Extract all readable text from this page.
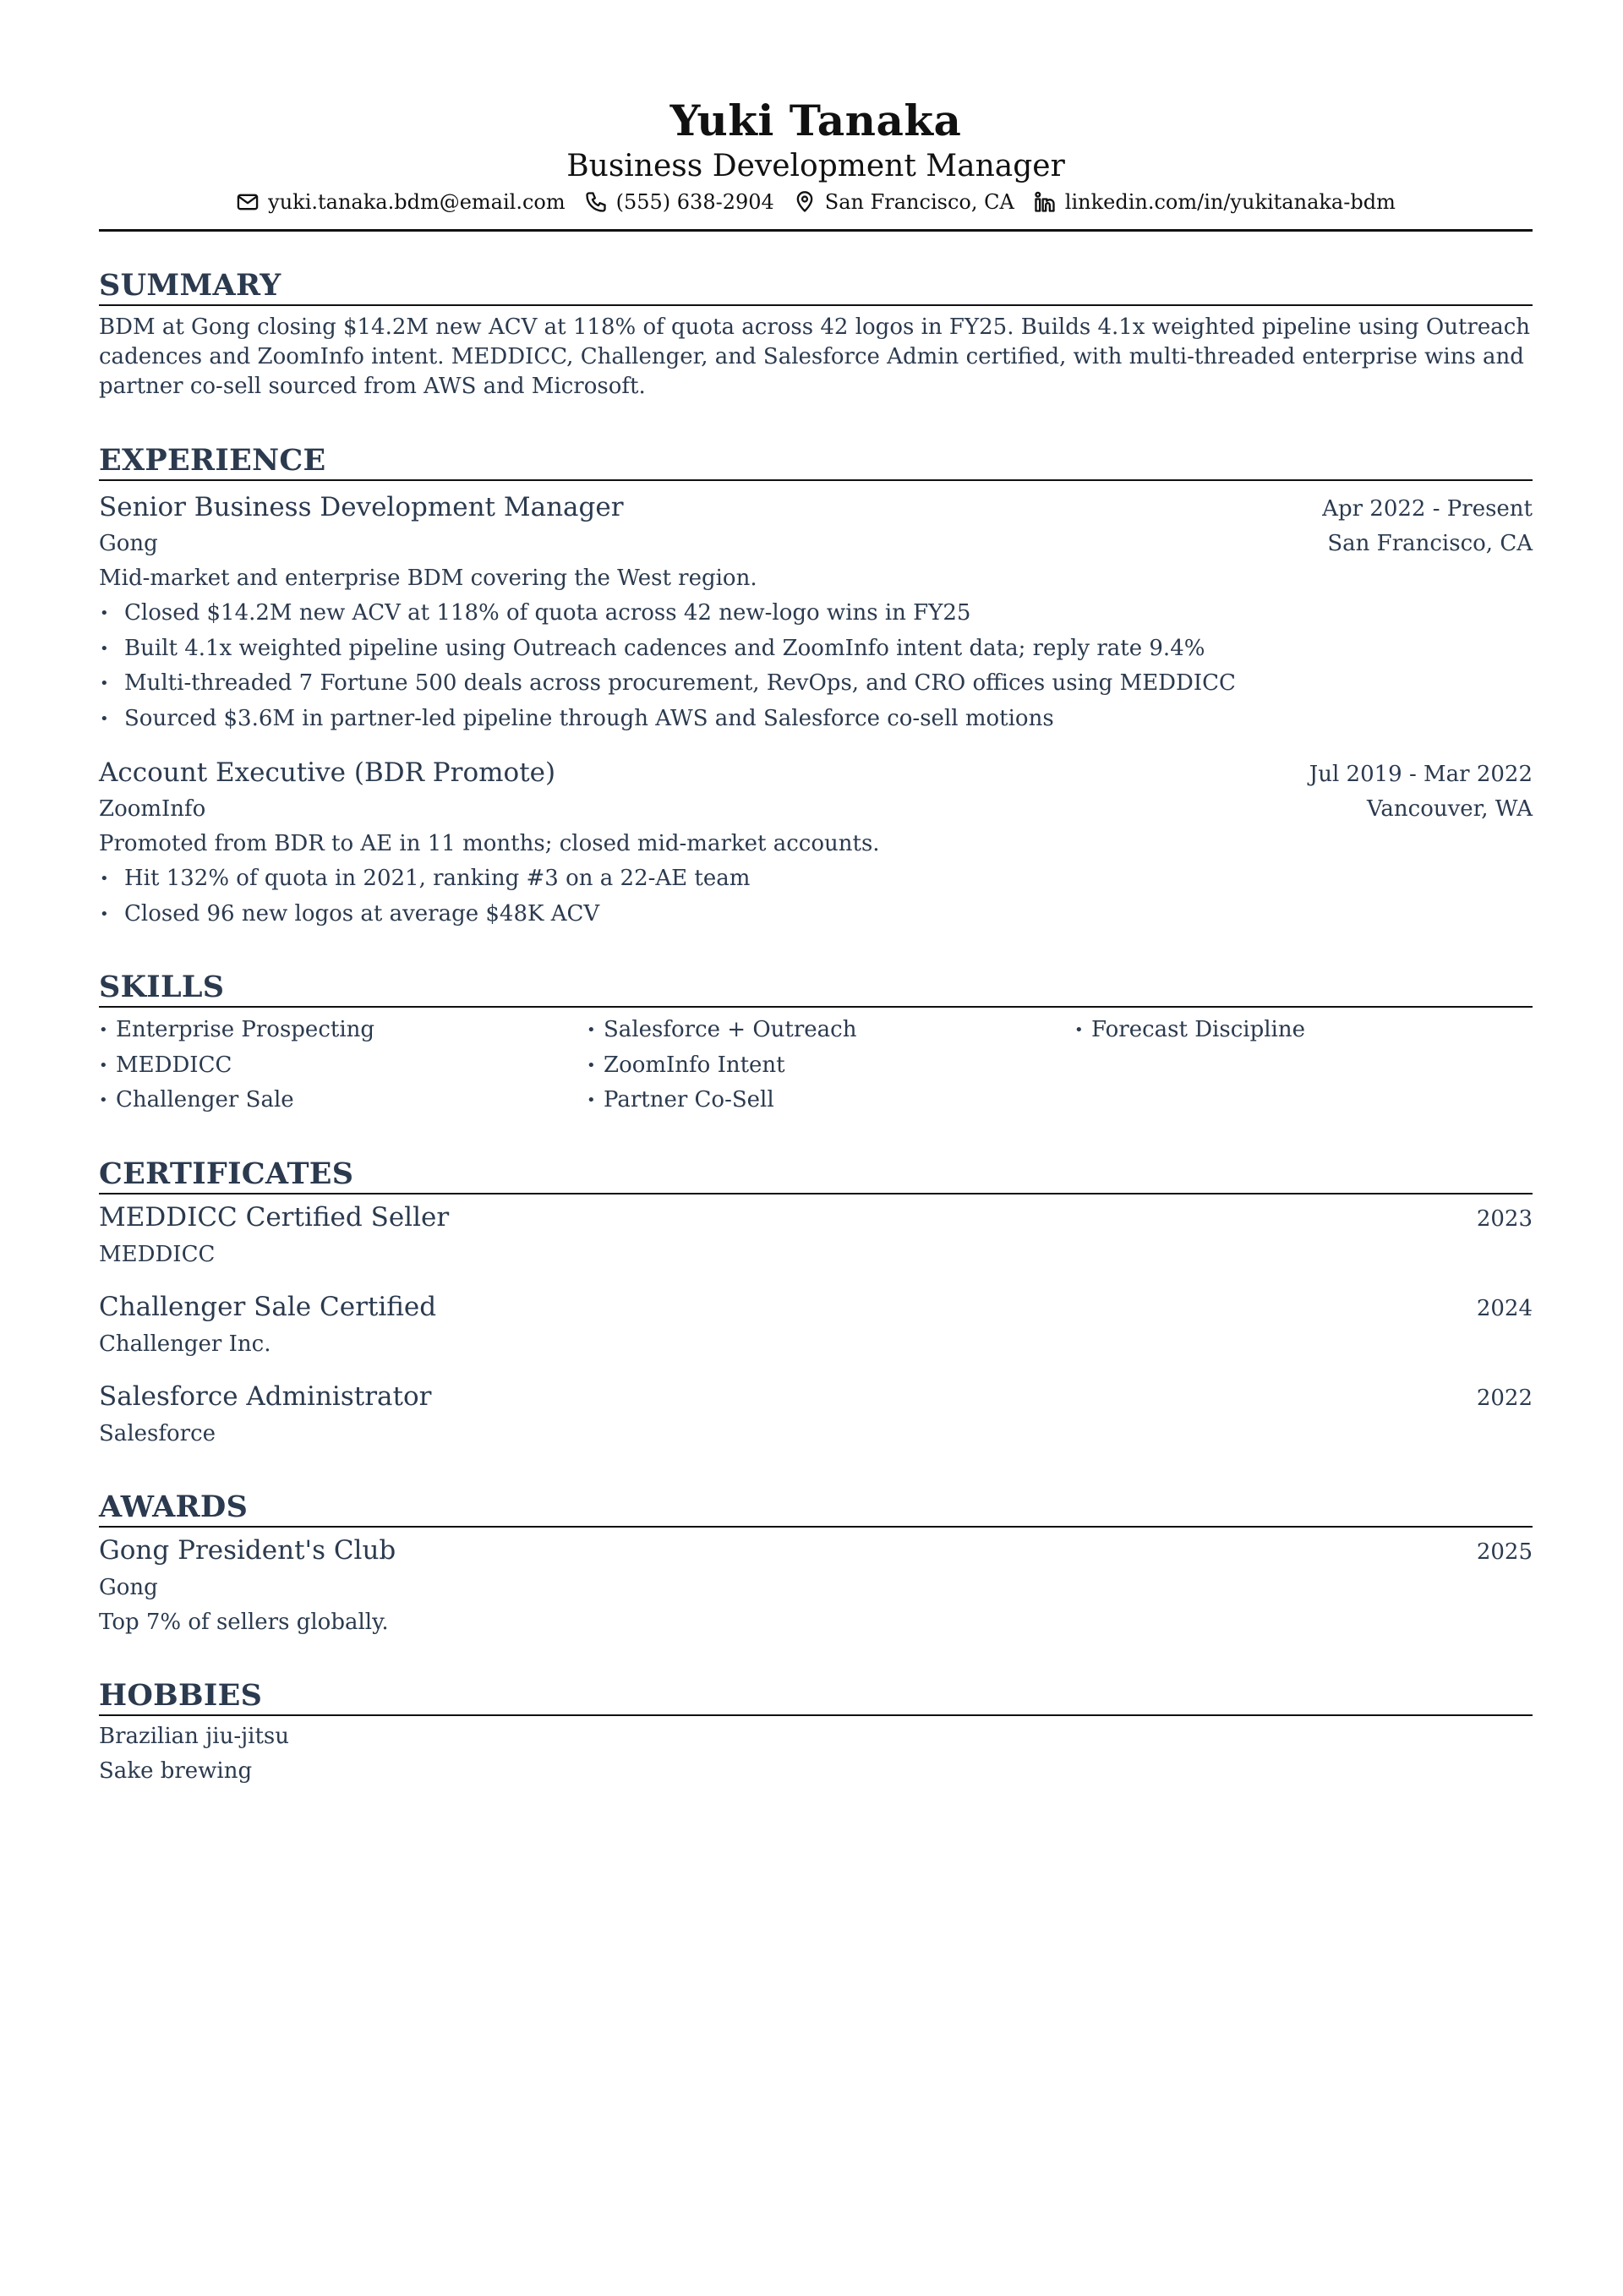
Yuki Tanaka

Business Development Manager

yuki.tanaka.bdm@email.com	(555) 638-2904	San Francisco, CA	linkedin.com/in/yukitanaka-bdm
SUMMARY

BDM at Gong closing $14.2M new ACV at 118% of quota across 42 logos in FY25. Builds 4.1x weighted pipeline using Outreach cadences and ZoomInfo intent. MEDDICC, Challenger, and Salesforce Admin certified, with multi-threaded enterprise wins and partner co-sell sourced from AWS and Microsoft.

EXPERIENCE
Senior Business Development Manager	Apr 2022 - Present
Gong	San Francisco, CA

Mid-market and enterprise BDM covering the West region.

• Closed $14.2M new ACV at 118% of quota across 42 new-logo wins in FY25
• Built 4.1x weighted pipeline using Outreach cadences and ZoomInfo intent data; reply rate 9.4%
• Multi-threaded 7 Fortune 500 deals across procurement, RevOps, and CRO offices using MEDDICC
• Sourced $3.6M in partner-led pipeline through AWS and Salesforce co-sell motions
Account Executive (BDR Promote)	Jul 2019 - Mar 2022
ZoomInfo	Vancouver, WA

Promoted from BDR to AE in 11 months; closed mid-market accounts.

• Hit 132% of quota in 2021, ranking #3 on a 22-AE team
• Closed 96 new logos at average $48K ACV
SKILLS
• Enterprise Prospecting
• MEDDICC
• Challenger Sale
• Salesforce + Outreach
• ZoomInfo Intent
• Partner Co-Sell
• Forecast Discipline
CERTIFICATES
MEDDICC Certified Seller	2023
MEDDICC
Challenger Sale Certified	2024
Challenger Inc.
Salesforce Administrator	2022
Salesforce
AWARDS
Gong President's Club	2025
Gong
Top 7% of sellers globally.
HOBBIES
Brazilian jiu-jitsu
Sake brewing
